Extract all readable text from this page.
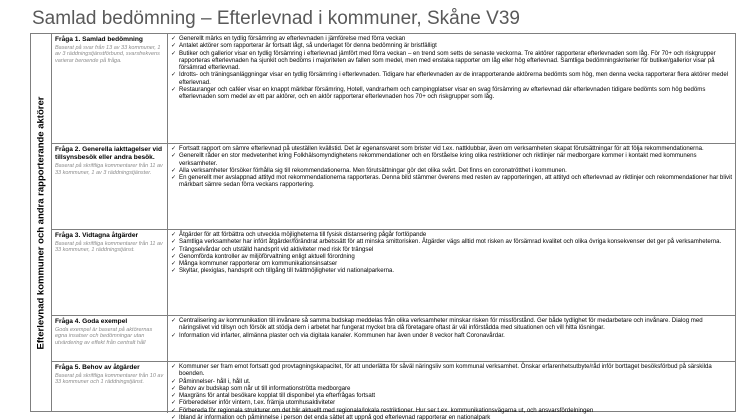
Samlad bedömning – Efterlevnad i kommuner, Skåne V39
Efterlevnad kommuner och andra rapporterande aktörer
Fråga 1. Samlad bedömning
Baserat på svar från 13 av 33 kommuner, 1 av 3 räddningstjänstförbund, svarsfrekvens varierar beroende på fråga.
✓ Generellt märks en tydlig försämring av efterlevnaden i jämförelse med förra veckan
✓ Antalet aktörer som rapporterar är fortsatt lågt, så underlaget för denna bedömning är bristfälligt
✓ Butiker och gallerior visar en tydlig försämring i efterlevnad jämfört med förra veckan – en trend som setts de senaste veckorna. Tre aktörer rapporterar efterlevnaden som låg. För 70+ och riskgrupper rapporteras efterlevnaden ha sjunkit och bedöms i majoriteten av fallen som medel, men med enstaka rapporter om låg eller hög efterlevnad. Samtliga bedömningskriterier för butiker/gallerior visar på försämrad efterlevnad.
✓ Idrotts- och träningsanläggningar visar en tydlig försämring i efterlevnaden. Tidigare har efterlevnaden av de inrapporterande aktörerna bedömts som hög, men denna vecka rapporterar flera aktörer medel efterlevnad.
✓ Restauranger och caféer visar en knappt märkbar försämring, Hotell, vandrarhem och campingplatser visar en svag försämring av efterlevnad där efterlevnaden tidigare bedömts som hög bedöms efterlevnaden som medel av ett par aktörer, och en aktör rapporterar efterlevnaden hos 70+ och riskgrupper som låg.
Fråga 2. Generella iakttagelser vid tillsynsbesök eller andra besök.
Baserat på skriftliga kommentarer från 11 av 33 kommuner, 1 av 3 räddningstjänster.
✓ Fortsatt rapport om sämre efterlevnad på uteställen kvällstid. Det är egenansvaret som brister vid t.ex. nattklubbar, även om verksamheten skapat förutsättningar för att följa rekommendationerna.
✓ Generellt råder en stor medvetenhet kring Folkhälsomyndighetens rekommendationer och en förståelse kring olika restriktioner och riktlinjer när medborgare kommer i kontakt med kommunens verksamheter.
✓ Alla verksamheter försöker förhålla sig till rekommendationerna. Men förutsättningar gör det olika svårt. Det finns en coronatrötthet i kommunen.
✓ En generellt mer avslappnad attityd mot rekommendationerna rapporteras. Denna bild stämmer överens med resten av rapporteringen, att attityd och efterlevnad av riktlinjer och rekommendationer har blivit märkbart sämre sedan förra veckans rapportering.
Fråga 3. Vidtagna åtgärder
Baserat på skriftliga kommentarer från 11 av 33 kommuner, 1 räddningstjänst.
✓ Åtgärder för att förbättra och utveckla möjligheterna till fysisk distansering pågår fortlöpande
✓ Samtliga verksamheter har infört åtgärder/förändrat arbetssätt för att minska smittorisken. Åtgärder vägs alltid mot risken av försämrad kvalitet och olika övriga konsekvenser det ger på verksamheterna.
✓ Trängselvårdar och utställd handsprit vid aktiviteter med risk för trängsel
✓ Genomförda kontroller av miljöförvaltning enligt aktuell förordning
✓ Många kommuner rapporterar om kommunikationsinsatser
✓ Skyltar, plexiglas, handsprit och tillgång till tvättmöjligheter vid nationalparkerna.
Fråga 4. Goda exempel
Goda exempel är baserat på aktörernas egna insatser och bedömningar utan utvärdering av effekt från centralt håll
✓ Centralisering av kommunikation till invånare så samma budskap meddelas från olika verksamheter minskar risken för missförstånd. Ger både tydlighet för medarbetare och invånare. Dialog med näringslivet vid tillsyn och försök att stödja dem i arbetet har fungerat mycket bra då företagare oftast är väl införstådda med situationen och vill hitta lösningar.
✓ Information vid infarter, allmänna plaster och via digitala kanaler. Kommunen har även under 8 veckor haft Coronavårdar.
Fråga 5. Behov av åtgärder
Baserat på skriftliga kommentarer från 10 av 33 kommuner och 1 räddningstjänst.
✓ Kommuner ser fram emot fortsatt god provtagningskapacitet, för att underlätta för såväl näringsliv som kommunal verksamhet. Önskar erfarenhetsutbyte/råd inför borttaget besöksförbud på särskilda boenden.
✓ Påminnelser- håll i, håll ut.
✓ Behov av budskap som når ut till informationströtta medborgare
✓ Maxgräns för antal besökare kopplat till disponibel yta efterfrågas fortsatt
✓ Förberedelser inför vintern, t.ex. främja utomhusaktiviteter
✓ Förbereda för regionala strukturer om det blir aktuellt med regionala/lokala restriktioner. Hur ser t.ex. kommunikationsvägarna ut, och ansvarsfördelningen
✓ Ibland är information och påminnelse i person det enda sättet att uppnå god efterlevnad rapporterar en nationalpark
